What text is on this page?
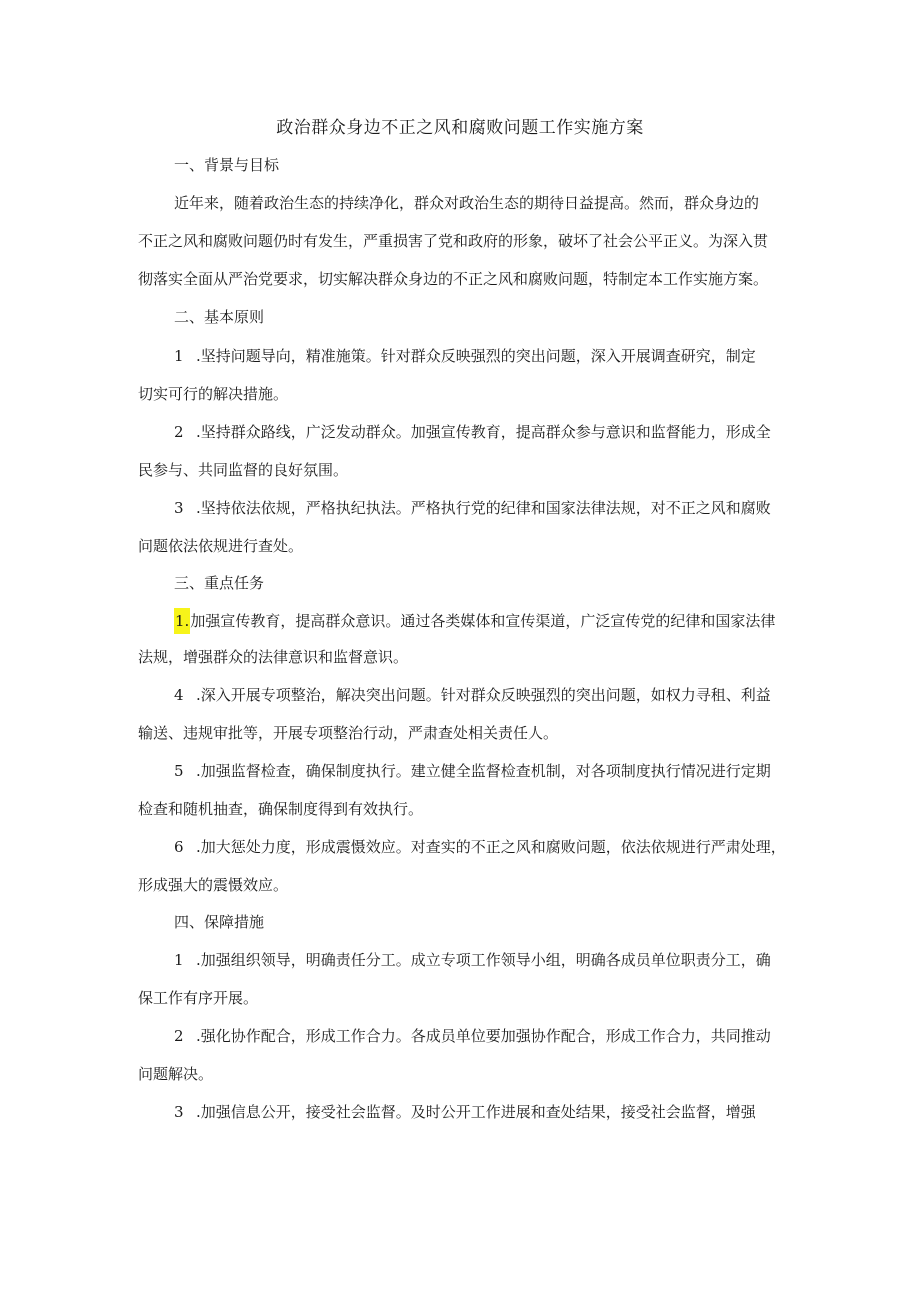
政治群众身边不正之风和腐败问题工作实施方案
一、背景与目标
近年来，随着政治生态的持续净化，群众对政治生态的期待日益提高。然而，群众身边的
不正之风和腐败问题仍时有发生，严重损害了党和政府的形象，破坏了社会公平正义。为深入贯
彻落实全面从严治党要求，切实解决群众身边的不正之风和腐败问题，特制定本工作实施方案。
二、基本原则
1 .坚持问题导向，精准施策。针对群众反映强烈的突出问题，深入开展调查研究，制定
切实可行的解决措施。
2 .坚持群众路线，广泛发动群众。加强宣传教育，提高群众参与意识和监督能力，形成全
民参与、共同监督的良好氛围。
3 .坚持依法依规，严格执纪执法。严格执行党的纪律和国家法律法规，对不正之风和腐败
问题依法依规进行查处。
三、重点任务
1.加强宣传教育，提高群众意识。通过各类媒体和宣传渠道，广泛宣传党的纪律和国家法律
法规，增强群众的法律意识和监督意识。
4 .深入开展专项整治，解决突出问题。针对群众反映强烈的突出问题，如权力寻租、利益
输送、违规审批等，开展专项整治行动，严肃查处相关责任人。
5 .加强监督检查，确保制度执行。建立健全监督检查机制，对各项制度执行情况进行定期
检查和随机抽查，确保制度得到有效执行。
6 .加大惩处力度，形成震慑效应。对查实的不正之风和腐败问题，依法依规进行严肃处理，
形成强大的震慑效应。
四、保障措施
1 .加强组织领导，明确责任分工。成立专项工作领导小组，明确各成员单位职责分工，确
保工作有序开展。
2 .强化协作配合，形成工作合力。各成员单位要加强协作配合，形成工作合力，共同推动
问题解决。
3 .加强信息公开，接受社会监督。及时公开工作进展和查处结果，接受社会监督，增强
